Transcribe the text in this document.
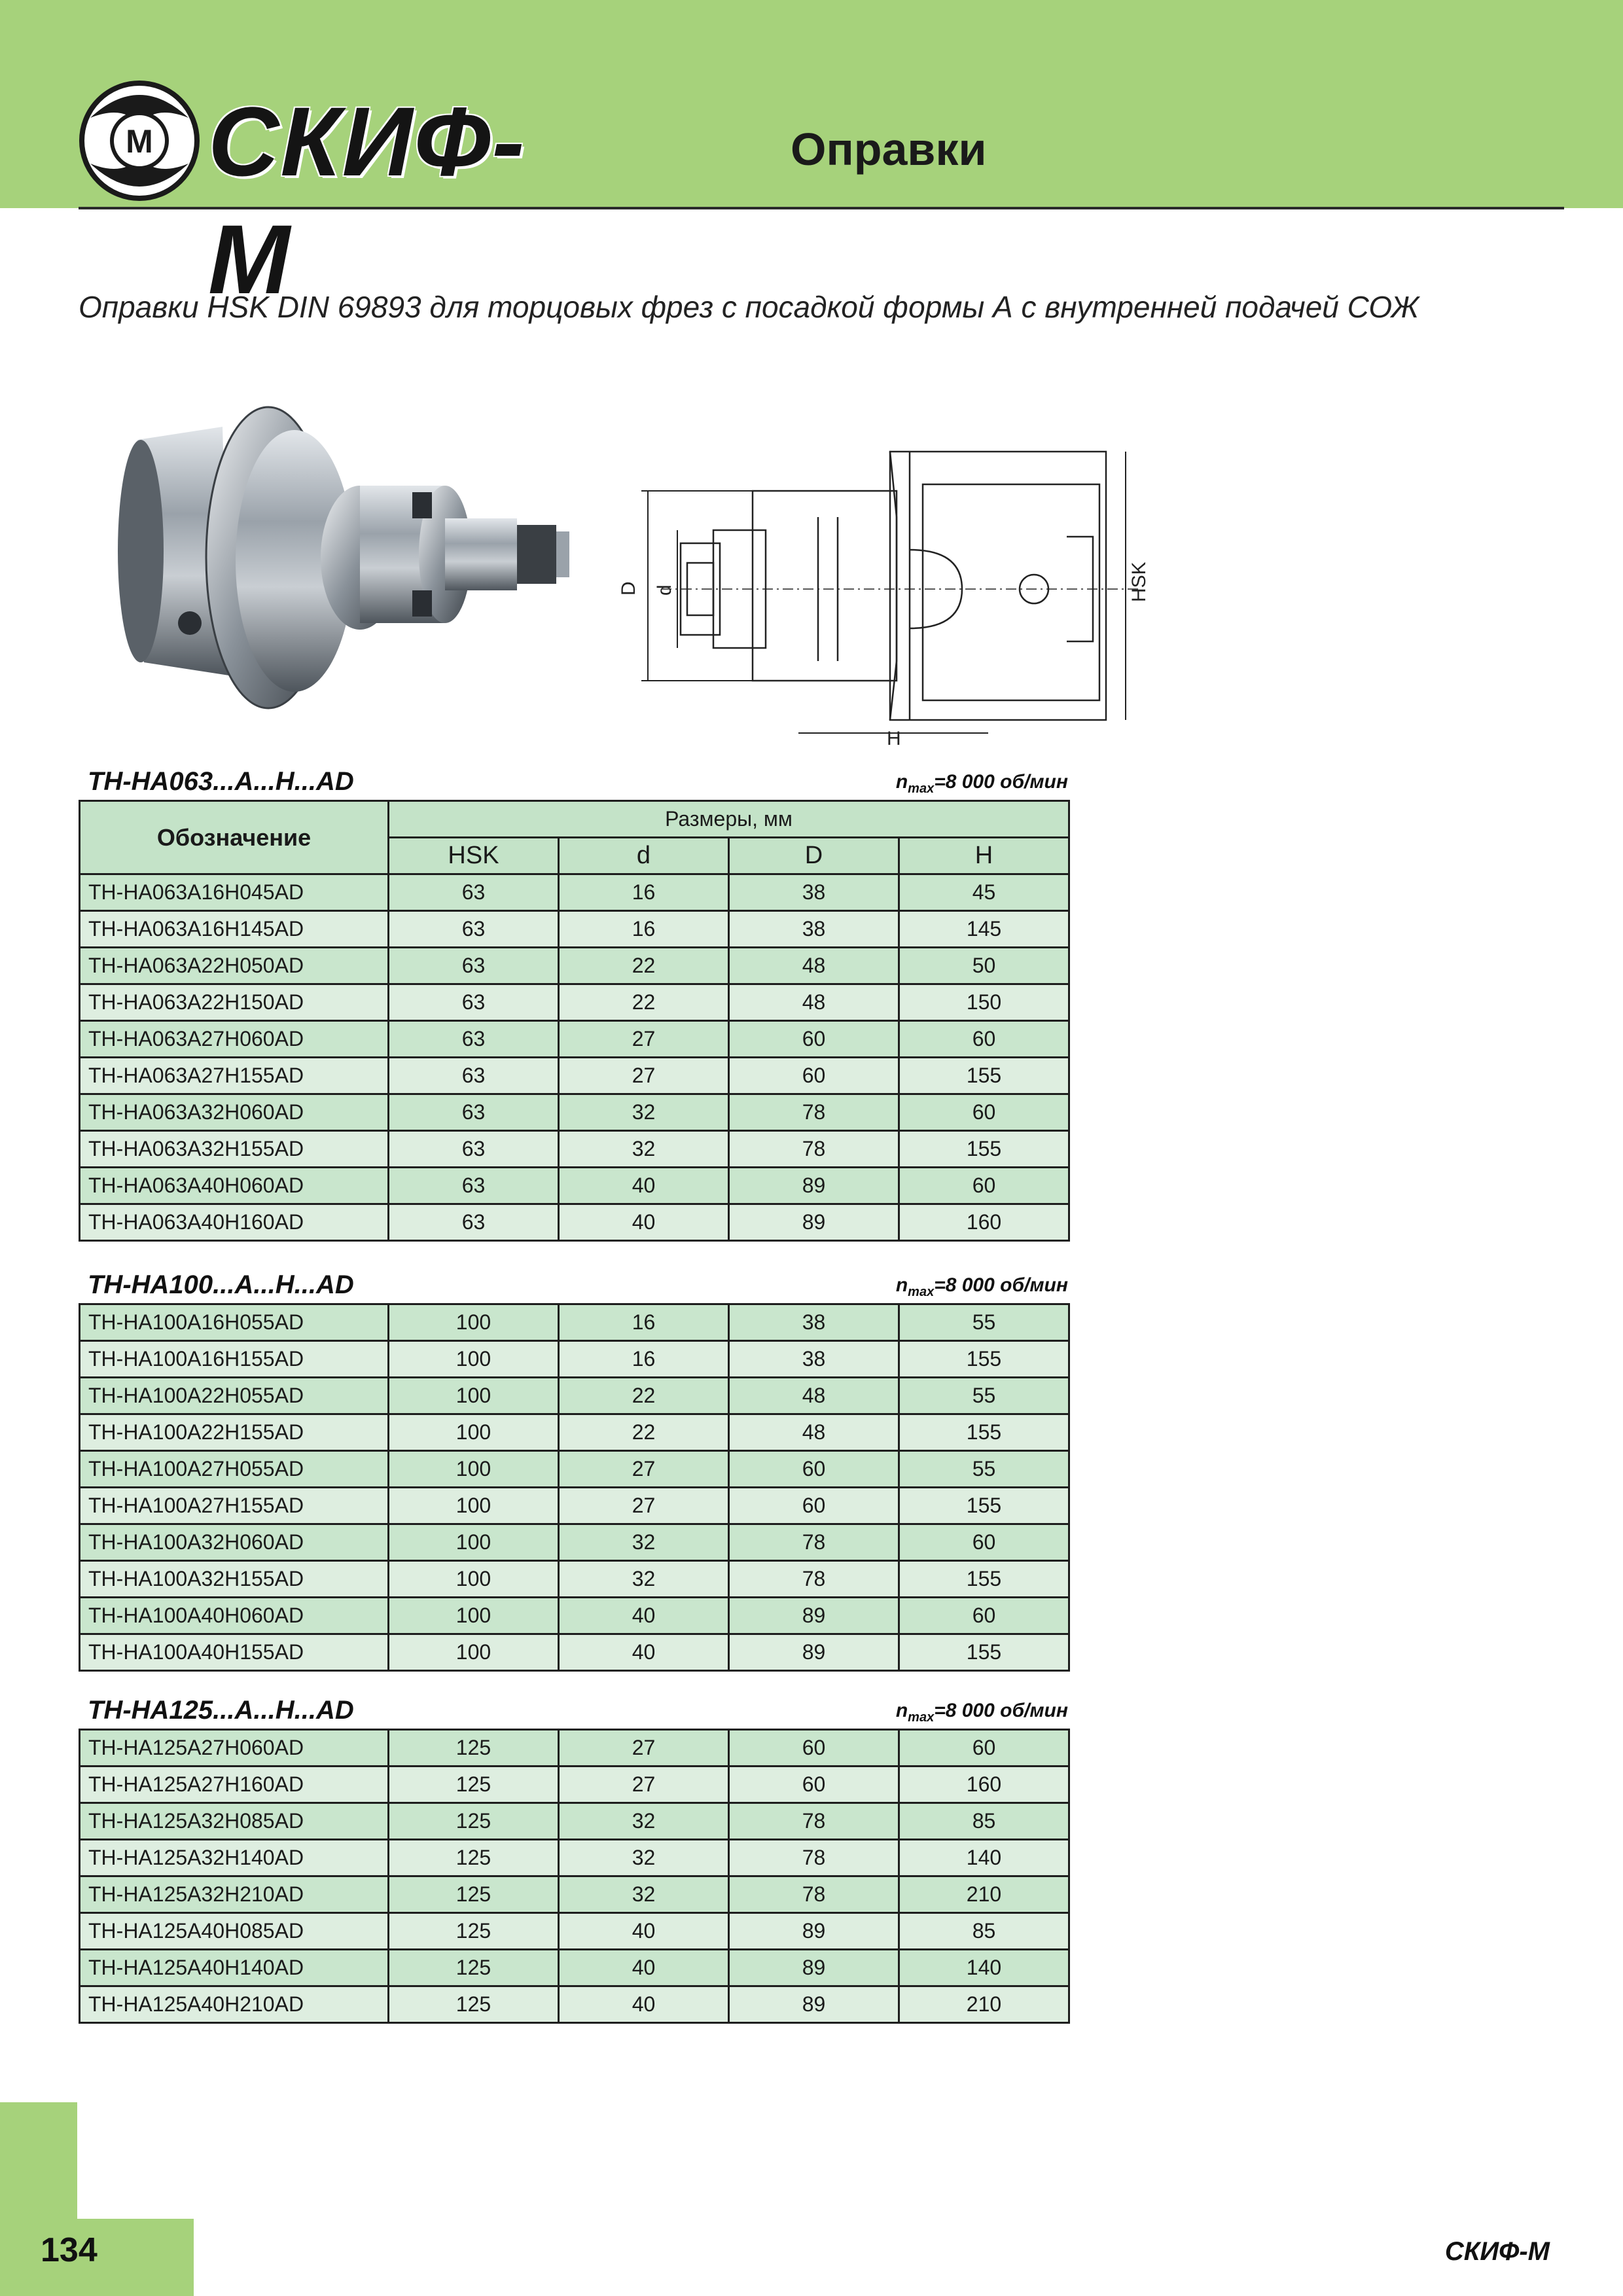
М СКИФ-М
Оправки
Оправки HSK DIN 69893 для торцовых фрез с посадкой формы А с внутренней подачей СОЖ
D d
H
HSK
TH-HA063...A...H...AD	$n_{max}=8$ 000 об/мин
Обозначение	Размеры, мм			
	HSK	d	D	H
TH-HA063A16H045AD	63	16	38	45
TH-HA063A16H145AD	63	16	38	145
TH-HA063A22H050AD	63	22	48	50
TH-HA063A22H150AD	63	22	48	150
TH-HA063A27H060AD	63	27	60	60
TH-HA063A27H155AD	63	27	60	155
TH-HA063A32H060AD	63	32	78	60
TH-HA063A32H155AD	63	32	78	155
TH-HA063A40H060AD	63	40	89	60
TH-HA063A40H160AD	63	40	89	160
TH-HA100...A...H...AD	$n_{max}=8$ 000 об/мин
TH-HA100A16H055AD	100	16	38	55
TH-HA100A16H155AD	100	16	38	155
TH-HA100A22H055AD	100	22	48	55
TH-HA100A22H155AD	100	22	48	155
TH-HA100A27H055AD	100	27	60	55
TH-HA100A27H155AD	100	27	60	155
TH-HA100A32H060AD	100	32	78	60
TH-HA100A32H155AD	100	32	78	155
TH-HA100A40H060AD	100	40	89	60
TH-HA100A40H155AD	100	40	89	155
TH-HA125...A...H...AD	$n_{max}=8$ 000 об/мин
TH-HA125A27H060AD	125	27	60	60
TH-HA125A27H160AD	125	27	60	160
TH-HA125A32H085AD	125	32	78	85
TH-HA125A32H140AD	125	32	78	140
TH-HA125A32H210AD	125	32	78	210
TH-HA125A40H085AD	125	40	89	85
TH-HA125A40H140AD	125	40	89	140
TH-HA125A40H210AD	125	40	89	210
134	СКИФ-М
